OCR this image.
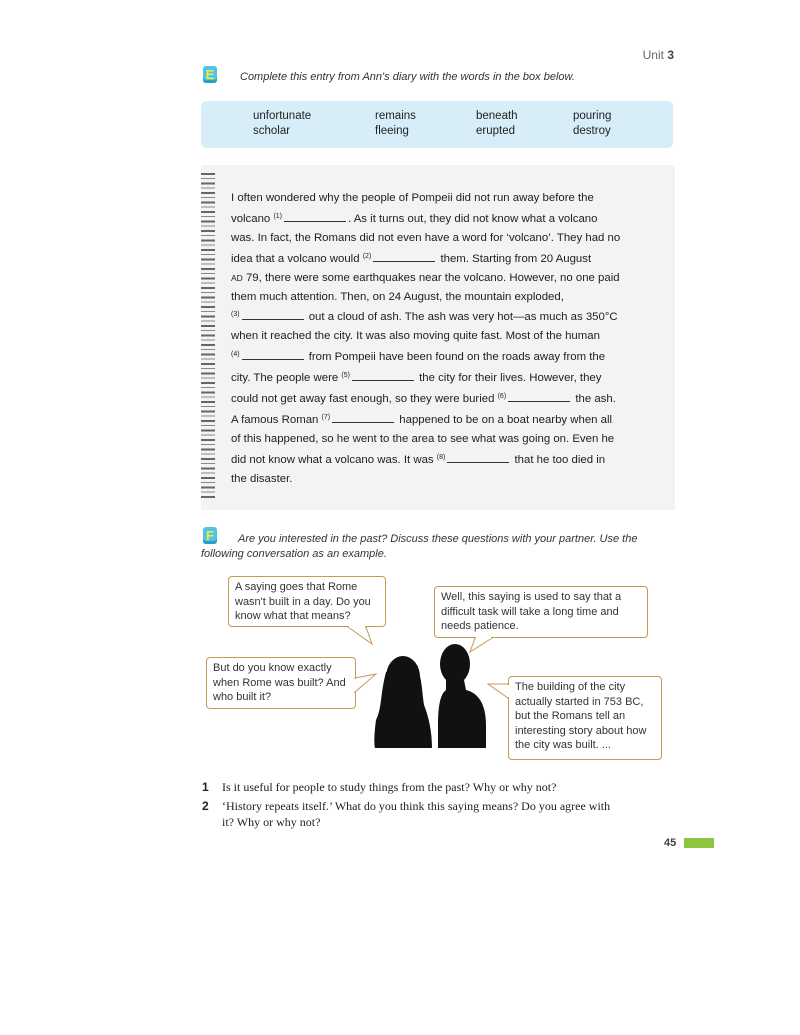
Unit 3
E Complete this entry from Ann's diary with the words in the box below.
unfortunate	remains	beneath	pouring
scholar	fleeing	erupted	destroy
I often wondered why the people of Pompeii did not run away before the
volcano $^{(1)}$	. As it turns out, they did not know what a volcano
was. In fact, the Romans did not even have a word for ‘volcano’. They had no
idea that a volcano would $^{(2)}$	them. Starting from 20 August
AD 79, there were some earthquakes near the volcano. However, no one paid
them much attention. Then, on 24 August, the mountain exploded,
$^{(3)}$	out a cloud of ash. The ash was very hot—as much as 350°C
when it reached the city. It was also moving quite fast. Most of the human
$^{(4)}$	from Pompeii have been found on the roads away from the
city. The people were $^{(5)}$	the city for their lives. However, they
could not get away fast enough, so they were buried $^{(6)}$	the ash.
A famous Roman $^{(7)}$	happened to be on a boat nearby when all
of this happened, so he went to the area to see what was going on. Even he
did not know what a volcano was. It was $^{(8)}$	that he too died in
the disaster.
F Are you interested in the past? Discuss these questions with your partner. Use the
following conversation as an example.
A saying goes that Rome wasn't built in a day. Do you know what that means?
Well, this saying is used to say that a difficult task will take a long time and needs patience.
But do you know exactly when Rome was built? And who built it?
The building of the city actually started in 753 BC, but the Romans tell an interesting story about how the city was built. ...
1 Is it useful for people to study things from the past? Why or why not?
2 ‘History repeats itself.’ What do you think this saying means? Do you agree with
it? Why or why not?
45
